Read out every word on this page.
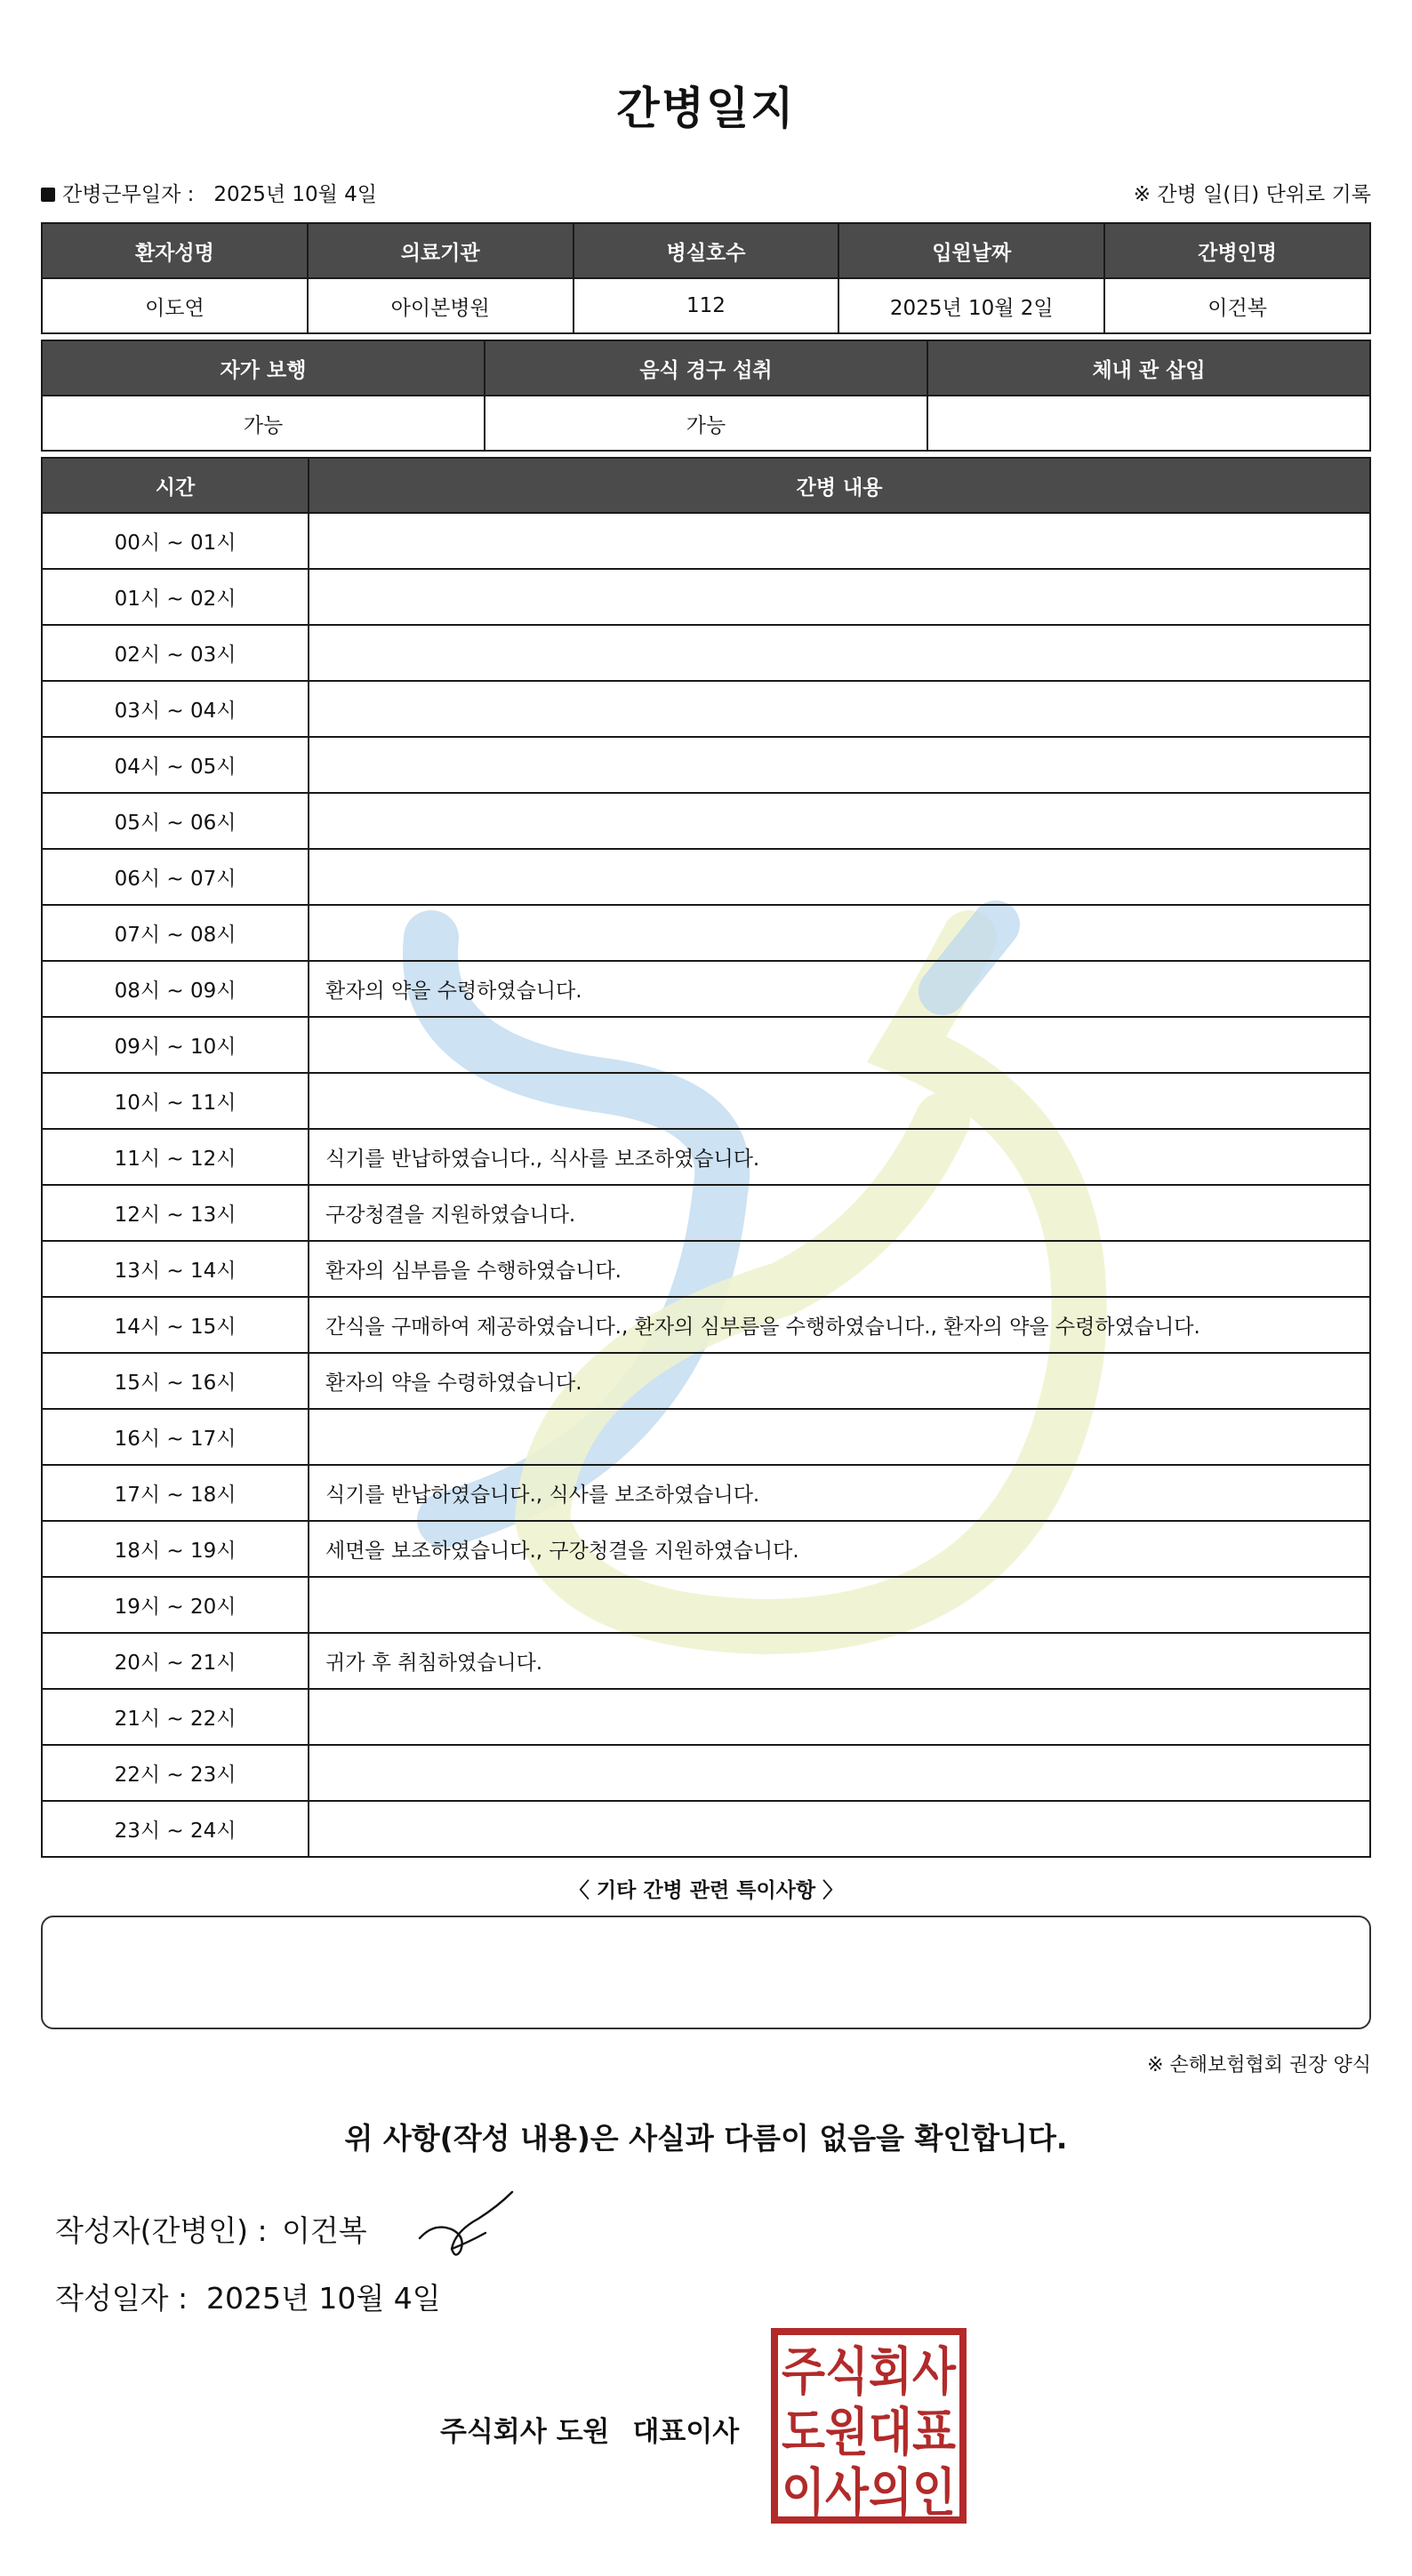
간병일지
간병근무일자 : 2025년 10월 4일	※ 간병 일(日) 단위로 기록
환자성명	의료기관	병실호수	입원날짜	간병인명
이도연	아이본병원	112	2025년 10월 2일	이건복
자가 보행	음식 경구 섭취	체내 관 삽입
가능	가능	
시간	간병 내용
00시 ~ 01시	
01시 ~ 02시	
02시 ~ 03시	
03시 ~ 04시	
04시 ~ 05시	
05시 ~ 06시	
06시 ~ 07시	
07시 ~ 08시	
08시 ~ 09시	환자의 약을 수령하였습니다.
09시 ~ 10시	
10시 ~ 11시	
11시 ~ 12시	식기를 반납하였습니다., 식사를 보조하였습니다.
12시 ~ 13시	구강청결을 지원하였습니다.
13시 ~ 14시	환자의 심부름을 수행하였습니다.
14시 ~ 15시	간식을 구매하여 제공하였습니다., 환자의 심부름을 수행하였습니다., 환자의 약을 수령하였습니다.
15시 ~ 16시	환자의 약을 수령하였습니다.
16시 ~ 17시	
17시 ~ 18시	식기를 반납하였습니다., 식사를 보조하였습니다.
18시 ~ 19시	세면을 보조하였습니다., 구강청결을 지원하였습니다.
19시 ~ 20시	
20시 ~ 21시	귀가 후 취침하였습니다.
21시 ~ 22시	
22시 ~ 23시	
23시 ~ 24시	
〈 기타 간병 관련 특이사항 〉
※ 손해보험협회 권장 양식
위 사항(작성 내용)은 사실과 다름이 없음을 확인합니다.
작성자(간병인) : 이건복
작성일자 : 2025년 10월 4일
주식회사 도원 대표이사
주식회사
도원대표
이사의인
